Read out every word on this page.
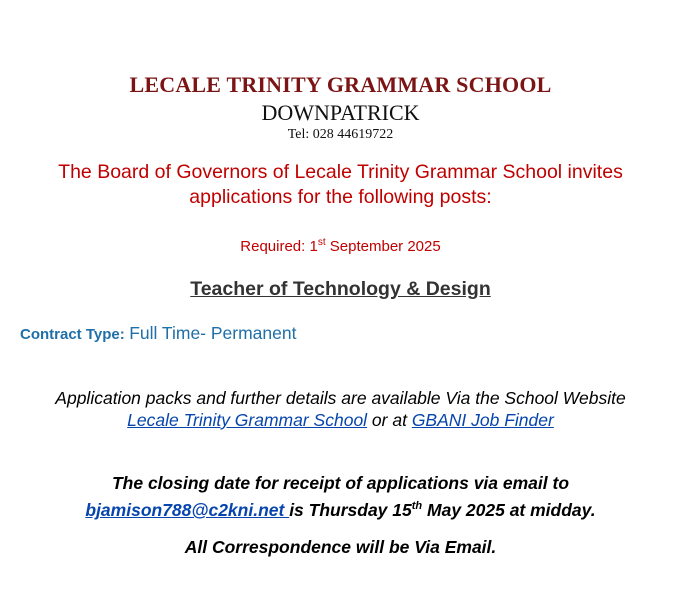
LECALE TRINITY GRAMMAR SCHOOL
DOWNPATRICK
Tel: 028 44619722
The Board of Governors of Lecale Trinity Grammar School invites
applications for the following posts:
Required: 1st September 2025
Teacher of Technology & Design
Contract Type: Full Time- Permanent
Application packs and further details are available Via the School Website
Lecale Trinity Grammar School or at GBANI Job Finder
The closing date for receipt of applications via email to
bjamison788@c2kni.net is Thursday 15th May 2025 at midday.
All Correspondence will be Via Email.
